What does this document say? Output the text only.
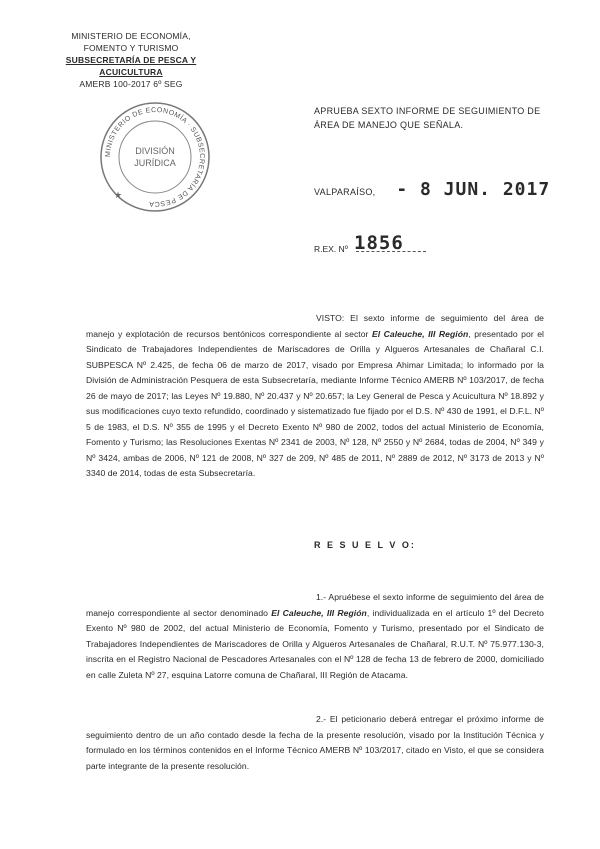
MINISTERIO DE ECONOMÍA,
FOMENTO Y TURISMO
SUBSECRETARÍA DE PESCA Y ACUICULTURA
AMERB 100-2017 6º SEG
MINISTERIO DE ECONOMÍA · SUBSECRETARÍA DE PESCA
DIVISIÓN
JURÍDICA
★
APRUEBA SEXTO INFORME DE SEGUIMIENTO DE ÁREA DE MANEJO QUE SEÑALA.
VALPARAÍSO, - 8 JUN. 2017
R.EX. Nº 1856
VISTO: El sexto informe de seguimiento del área de manejo y explotación de recursos bentónicos correspondiente al sector El Caleuche, III Región, presentado por el Sindicato de Trabajadores Independientes de Mariscadores de Orilla y Algueros Artesanales de Chañaral C.I. SUBPESCA Nº 2.425, de fecha 06 de marzo de 2017, visado por Empresa Ahimar Limitada; lo informado por la División de Administración Pesquera de esta Subsecretaría, mediante Informe Técnico AMERB Nº 103/2017, de fecha 26 de mayo de 2017; las Leyes Nº 19.880, Nº 20.437 y Nº 20.657; la Ley General de Pesca y Acuicultura Nº 18.892 y sus modificaciones cuyo texto refundido, coordinado y sistematizado fue fijado por el D.S. Nº 430 de 1991, el D.F.L. Nº 5 de 1983, el D.S. Nº 355 de 1995 y el Decreto Exento Nº 980 de 2002, todos del actual Ministerio de Economía, Fomento y Turismo; las Resoluciones Exentas Nº 2341 de 2003, Nº 128, Nº 2550 y Nº 2684, todas de 2004, Nº 349 y Nº 3424, ambas de 2006, Nº 121 de 2008, Nº 327 de 209, Nº 485 de 2011, Nº 2889 de 2012, Nº 3173 de 2013 y Nº 3340 de 2014, todas de esta Subsecretaría.
R E S U E L V O:
1.- Apruébese el sexto informe de seguimiento del área de manejo correspondiente al sector denominado El Caleuche, III Región, individualizada en el artículo 1º del Decreto Exento Nº 980 de 2002, del actual Ministerio de Economía, Fomento y Turismo, presentado por el Sindicato de Trabajadores Independientes de Mariscadores de Orilla y Algueros Artesanales de Chañaral, R.U.T. Nº 75.977.130-3, inscrita en el Registro Nacional de Pescadores Artesanales con el Nº 128 de fecha 13 de febrero de 2000, domiciliado en calle Zuleta Nº 27, esquina Latorre comuna de Chañaral, III Región de Atacama.
2.- El peticionario deberá entregar el próximo informe de seguimiento dentro de un año contado desde la fecha de la presente resolución, visado por la Institución Técnica y formulado en los términos contenidos en el Informe Técnico AMERB Nº 103/2017, citado en Visto, el que se considera parte integrante de la presente resolución.
